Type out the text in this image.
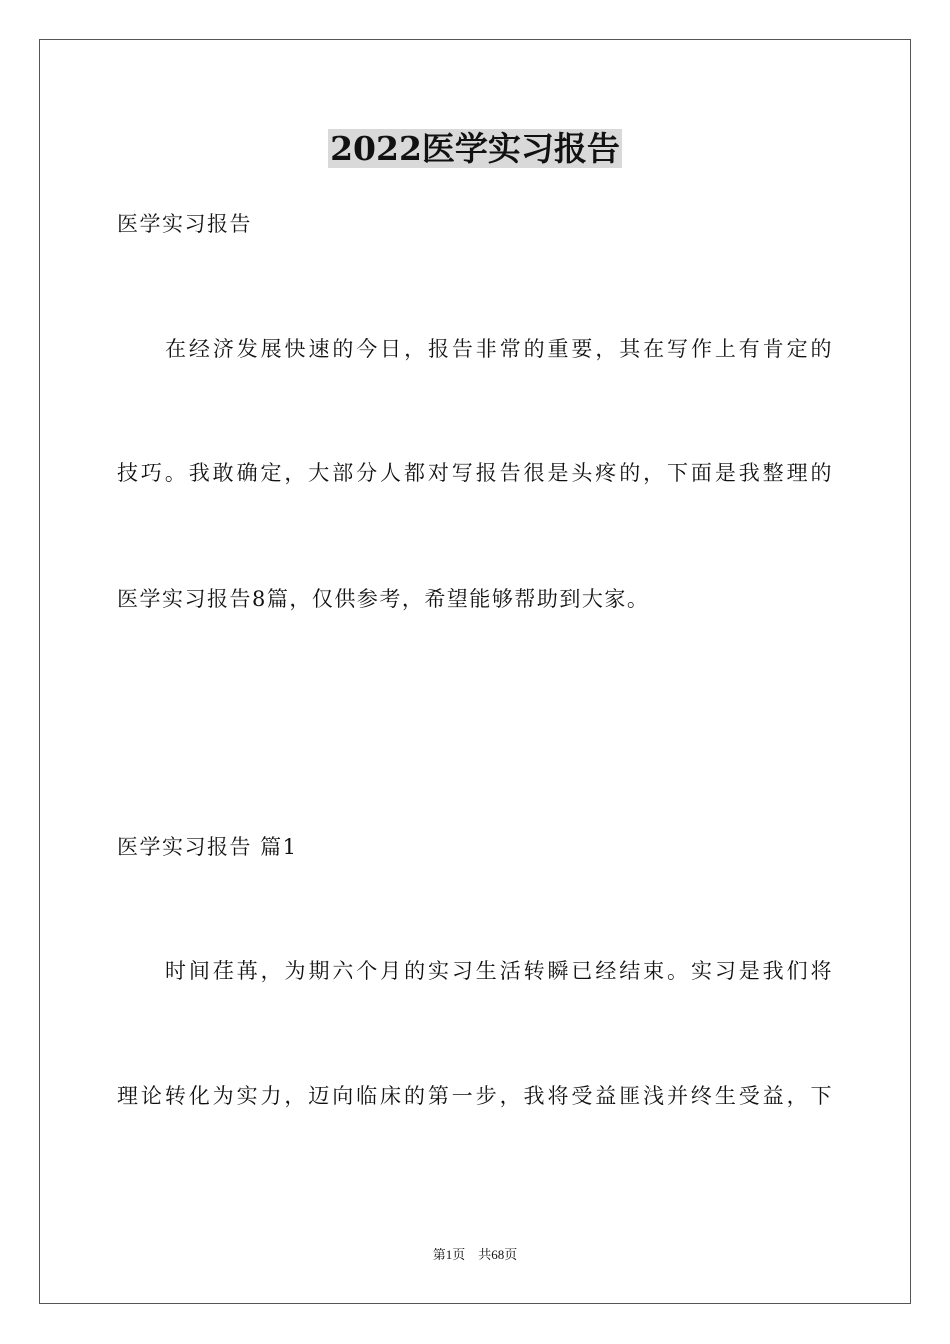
2022医学实习报告
医学实习报告
在经济发展快速的今日，报告非常的重要，其在写作上有肯定的
技巧。我敢确定，大部分人都对写报告很是头疼的，下面是我整理的
医学实习报告8篇，仅供参考，希望能够帮助到大家。
医学实习报告 篇1
时间荏苒，为期六个月的实习生活转瞬已经结束。实习是我们将
理论转化为实力，迈向临床的第一步，我将受益匪浅并终生受益，下
第1页　共68页
